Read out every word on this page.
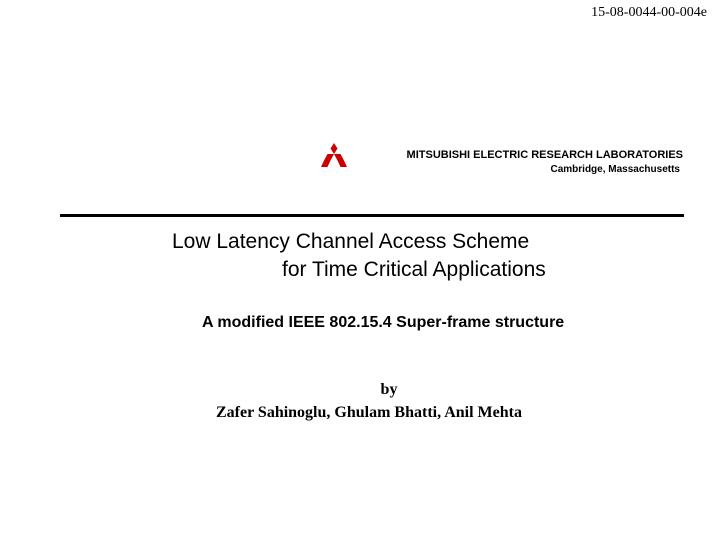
15-08-0044-00-004e
MITSUBISHI ELECTRIC RESEARCH LABORATORIES
Cambridge, Massachusetts
Low Latency Channel Access Scheme
for Time Critical Applications
A modified IEEE 802.15.4 Super-frame structure
by
Zafer Sahinoglu, Ghulam Bhatti, Anil Mehta
